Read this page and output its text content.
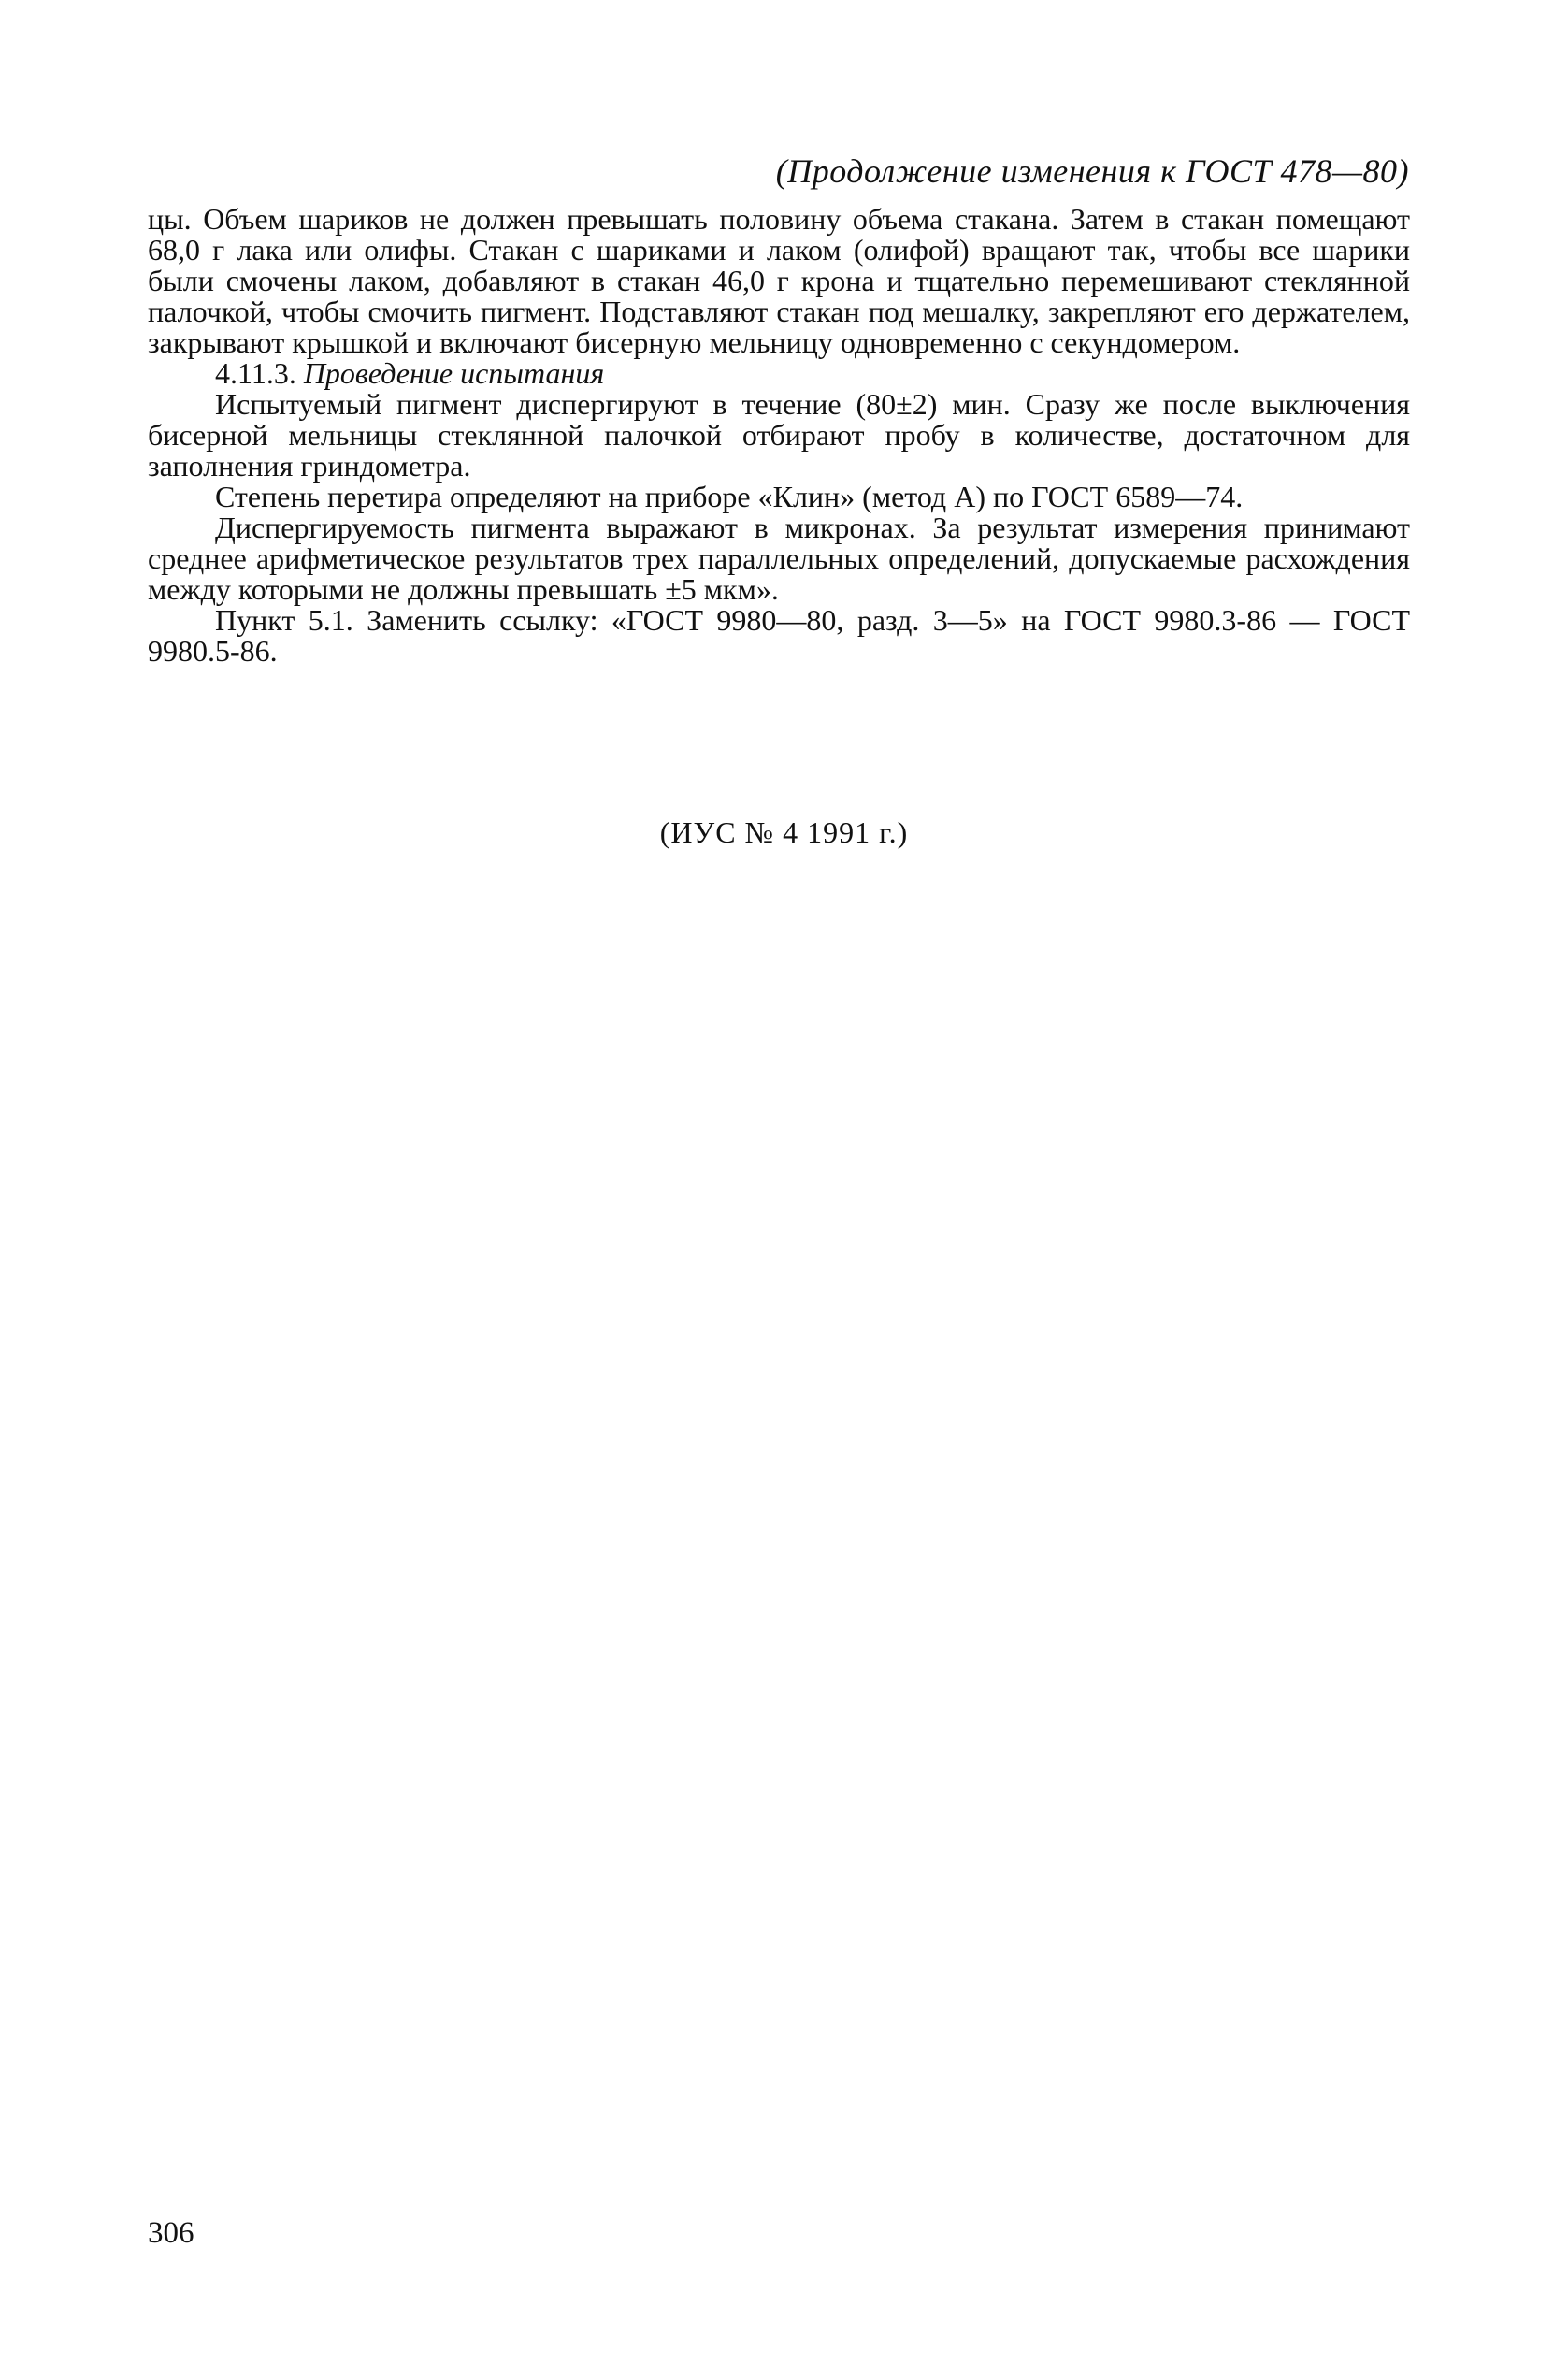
(Продолжение изменения к ГОСТ 478—80)

цы. Объем шариков не должен превышать половину объема стакана. Затем в стакан помещают 68,0 г лака или олифы. Стакан с шариками и лаком (олифой) вращают так, чтобы все шарики были смочены лаком, добавляют в стакан 46,0 г крона и тщательно перемешивают стеклянной палочкой, чтобы смочить пигмент. Подставляют стакан под мешалку, закрепляют его держателем, закрывают крышкой и включают бисерную мельницу одновременно с секундомером.

4.11.3. Проведение испытания

Испытуемый пигмент диспергируют в течение (80±2) мин. Сразу же после выключения бисерной мельницы стеклянной палочкой отбирают пробу в количестве, достаточном для заполнения гриндометра.

Степень перетира определяют на приборе «Клин» (метод А) по ГОСТ 6589—74.

Диспергируемость пигмента выражают в микронах. За результат измерения принимают среднее арифметическое результатов трех параллельных определений, допускаемые расхождения между которыми не должны превышать ±5 мкм».

Пункт 5.1. Заменить ссылку: «ГОСТ 9980—80, разд. 3—5» на ГОСТ 9980.3-86 — ГОСТ 9980.5-86.

(ИУС № 4 1991 г.)
306
